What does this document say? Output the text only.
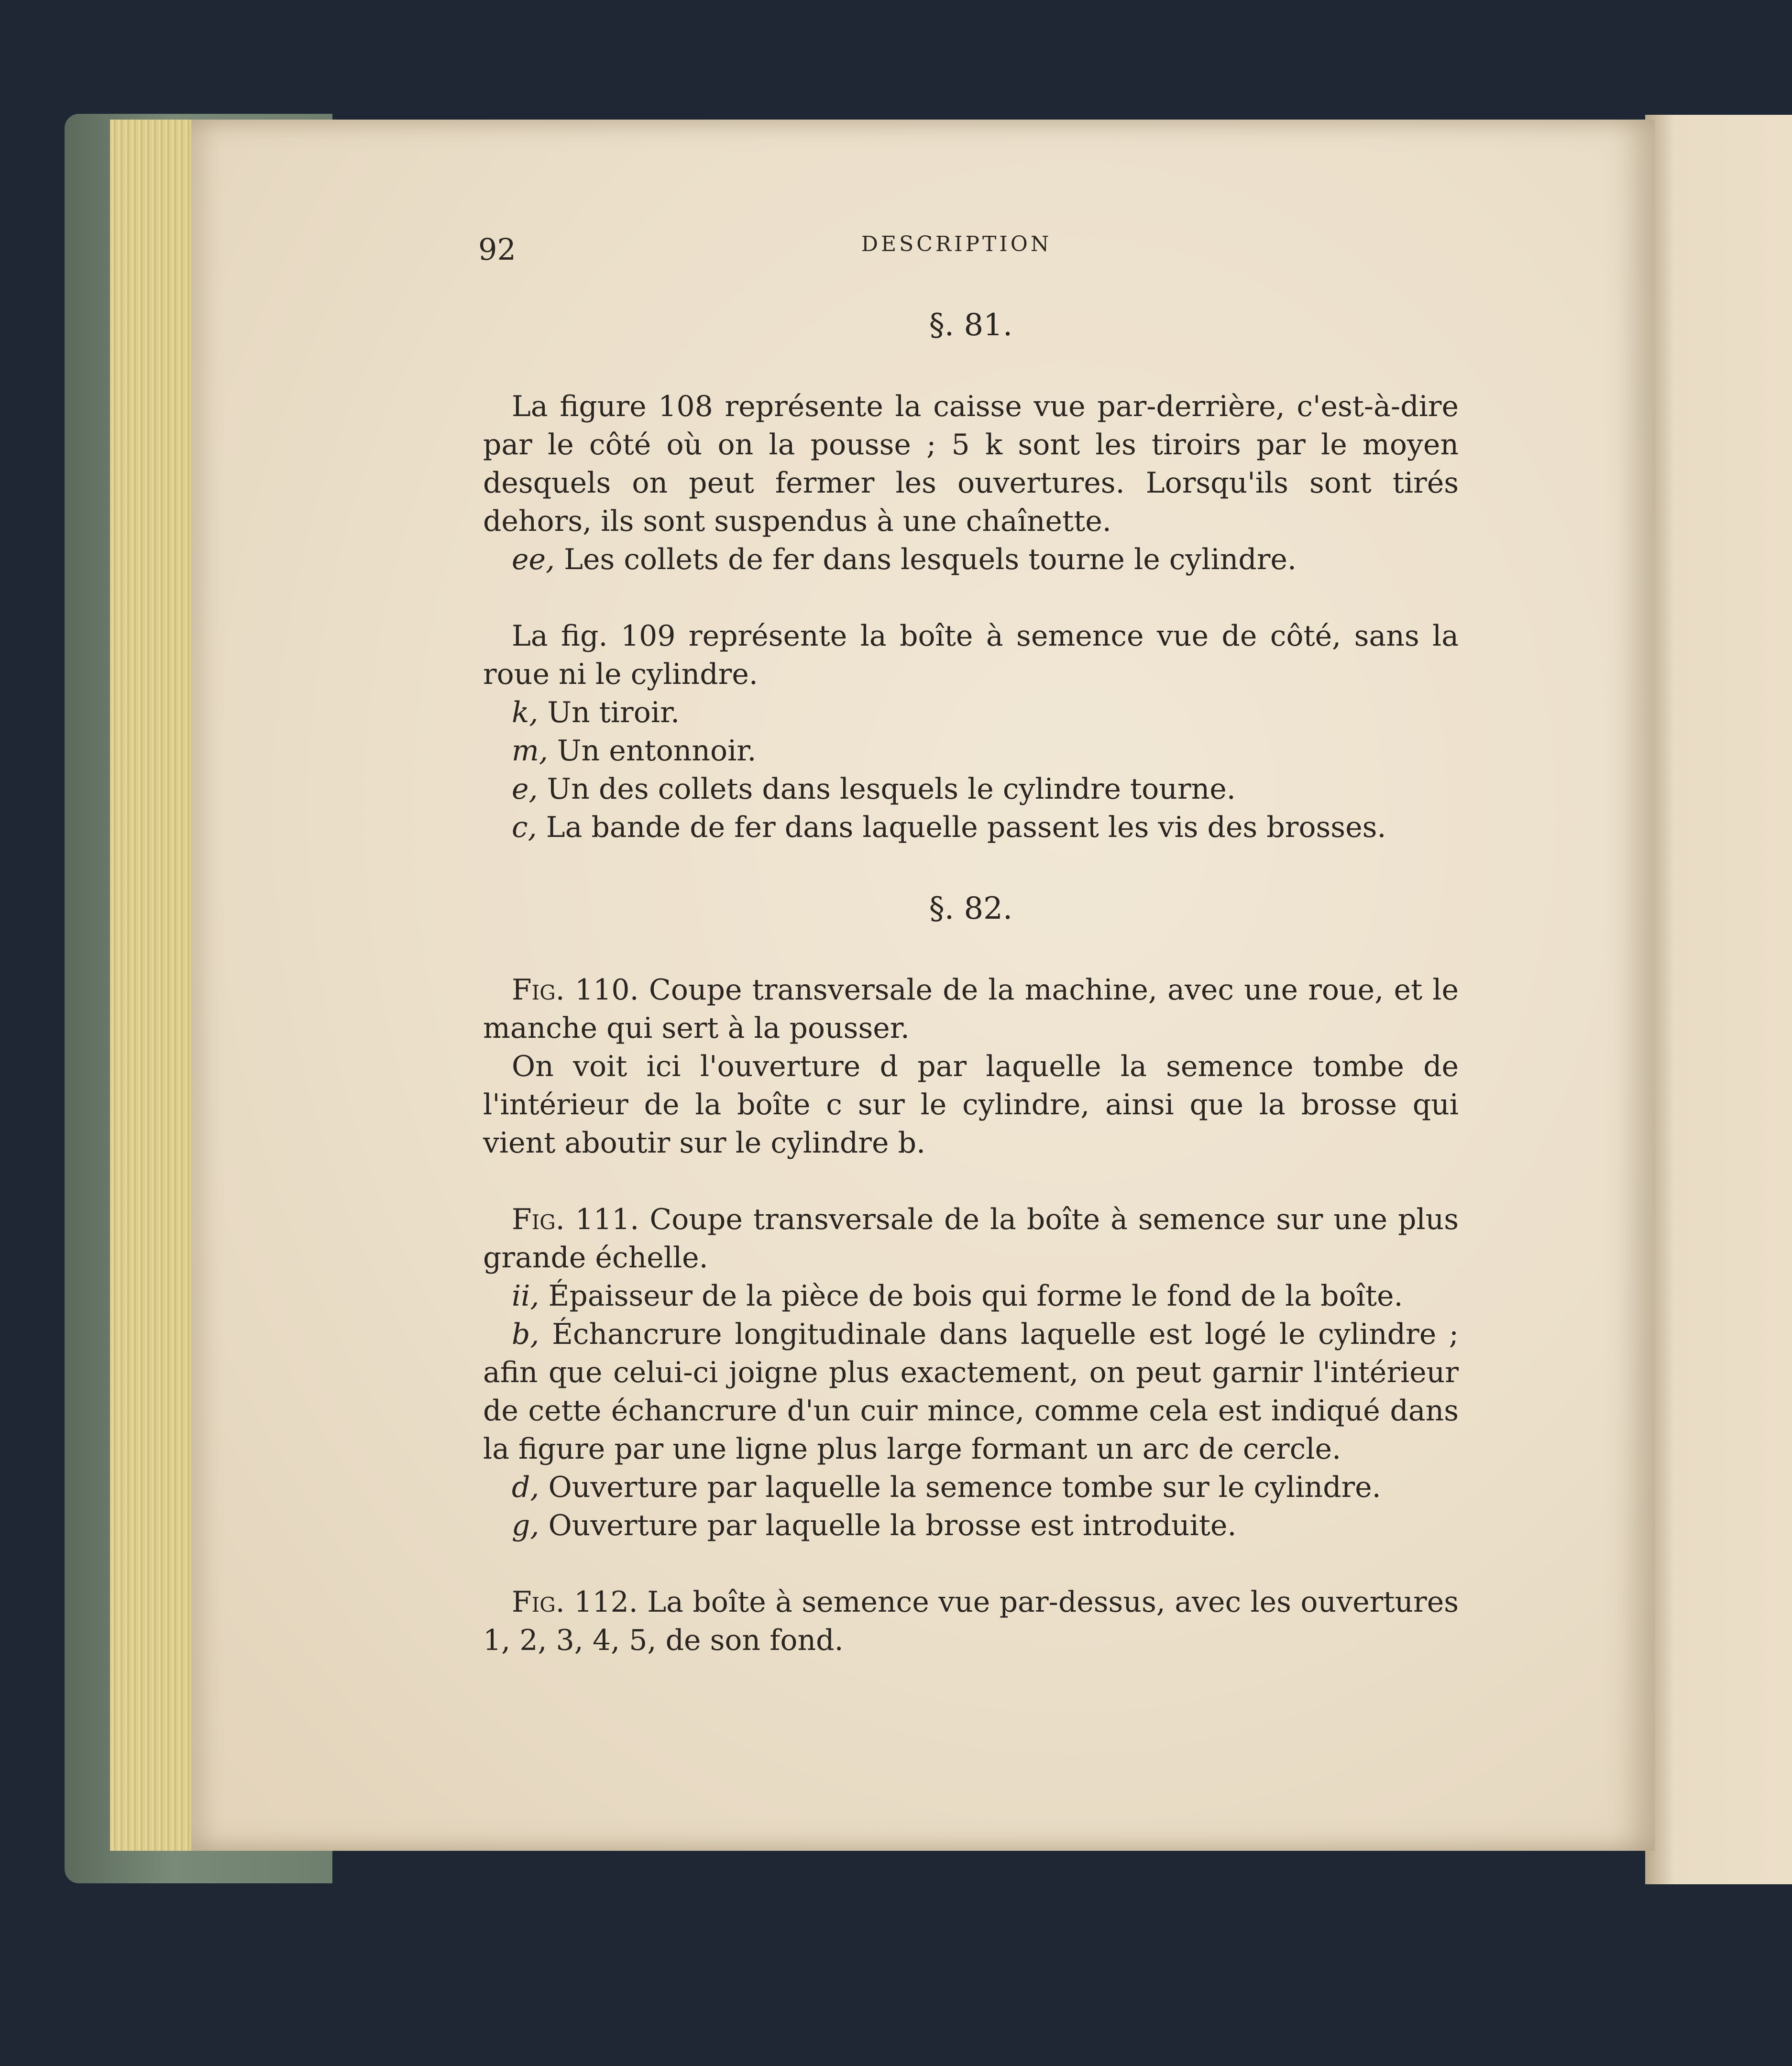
92	DESCRIPTION
§. 81.

La figure 108 représente la caisse vue par-derrière, c'est-à-dire par le côté où on la pousse ; 5 k sont les tiroirs par le moyen desquels on peut fermer les ouvertures. Lorsqu'ils sont tirés dehors, ils sont suspendus à une chaînette.

ee, Les collets de fer dans lesquels tourne le cylindre.

La fig. 109 représente la boîte à semence vue de côté, sans la roue ni le cylindre.

k, Un tiroir.

m, Un entonnoir.

e, Un des collets dans lesquels le cylindre tourne.

c, La bande de fer dans laquelle passent les vis des brosses.

§. 82.

Fig. 110. Coupe transversale de la machine, avec une roue, et le manche qui sert à la pousser.

On voit ici l'ouverture d par laquelle la semence tombe de l'intérieur de la boîte c sur le cylindre, ainsi que la brosse qui vient aboutir sur le cylindre b.

Fig. 111. Coupe transversale de la boîte à semence sur une plus grande échelle.

ii, Épaisseur de la pièce de bois qui forme le fond de la boîte.

b, Échancrure longitudinale dans laquelle est logé le cylindre ; afin que celui-ci joigne plus exactement, on peut garnir l'intérieur de cette échancrure d'un cuir mince, comme cela est indiqué dans la figure par une ligne plus large formant un arc de cercle.

d, Ouverture par laquelle la semence tombe sur le cylindre.

g, Ouverture par laquelle la brosse est introduite.

Fig. 112. La boîte à semence vue par-dessus, avec les ouvertures 1, 2, 3, 4, 5, de son fond.
